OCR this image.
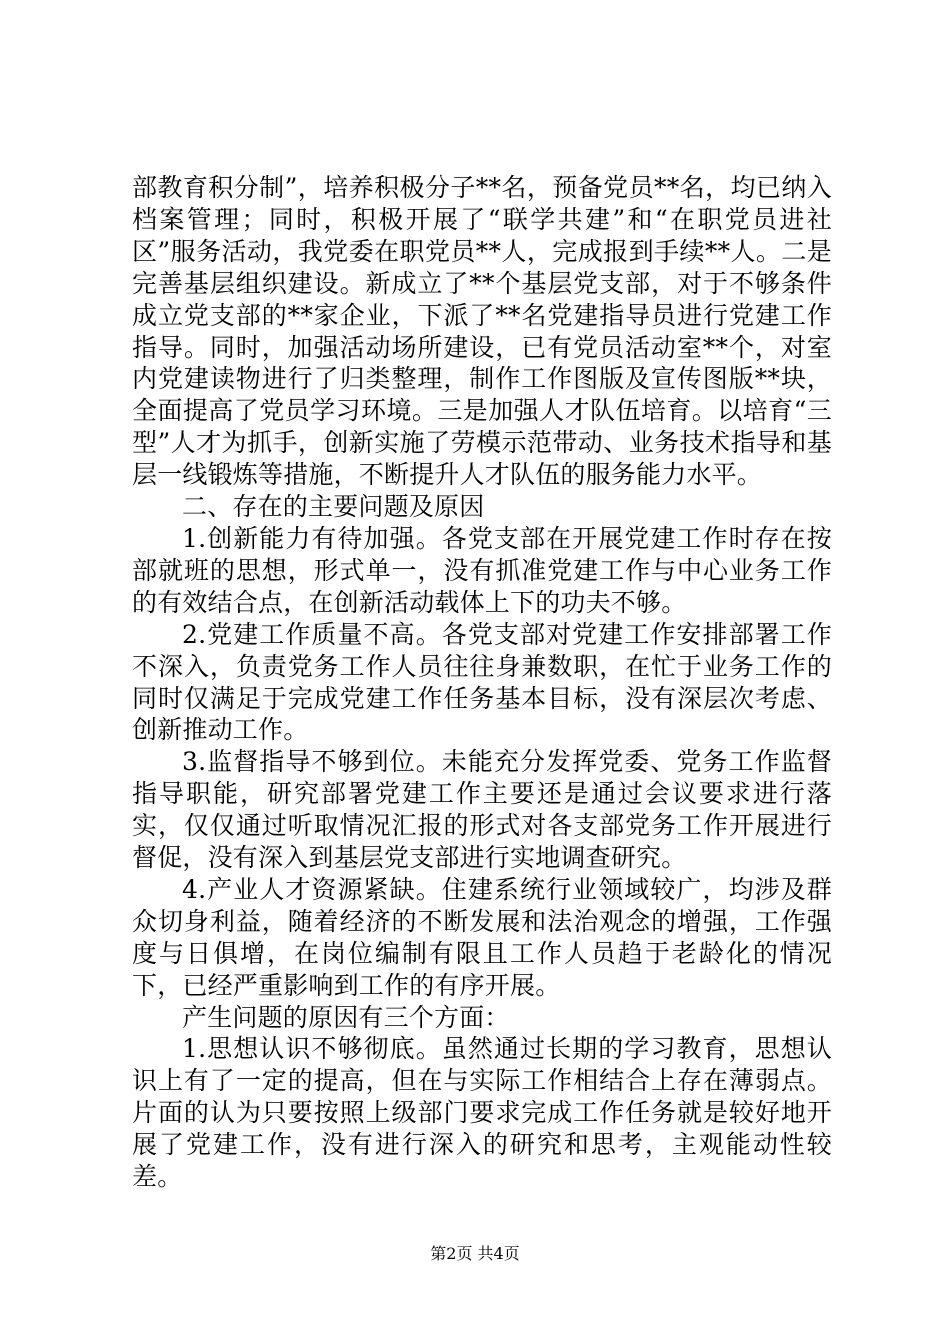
部教育积分制”，培养积极分子**名，预备党员**名，均已纳入档案管理；同时，积极开展了“联学共建”和“在职党员进社区”服务活动，我党委在职党员**人，完成报到手续**人。二是完善基层组织建设。新成立了**个基层党支部，对于不够条件成立党支部的**家企业，下派了**名党建指导员进行党建工作指导。同时，加强活动场所建设，已有党员活动室**个，对室内党建读物进行了归类整理，制作工作图版及宣传图版**块，全面提高了党员学习环境。三是加强人才队伍培育。以培育“三型”人才为抓手，创新实施了劳模示范带动、业务技术指导和基层一线锻炼等措施，不断提升人才队伍的服务能力水平。

二、存在的主要问题及原因

1.创新能力有待加强。各党支部在开展党建工作时存在按部就班的思想，形式单一，没有抓准党建工作与中心业务工作的有效结合点，在创新活动载体上下的功夫不够。

2.党建工作质量不高。各党支部对党建工作安排部署工作不深入，负责党务工作人员往往身兼数职，在忙于业务工作的同时仅满足于完成党建工作任务基本目标，没有深层次考虑、创新推动工作。

3.监督指导不够到位。未能充分发挥党委、党务工作监督指导职能，研究部署党建工作主要还是通过会议要求进行落实，仅仅通过听取情况汇报的形式对各支部党务工作开展进行督促，没有深入到基层党支部进行实地调查研究。

4.产业人才资源紧缺。住建系统行业领域较广，均涉及群众切身利益，随着经济的不断发展和法治观念的增强，工作强度与日俱增，在岗位编制有限且工作人员趋于老龄化的情况下，已经严重影响到工作的有序开展。

产生问题的原因有三个方面：

1.思想认识不够彻底。虽然通过长期的学习教育，思想认识上有了一定的提高，但在与实际工作相结合上存在薄弱点。片面的认为只要按照上级部门要求完成工作任务就是较好地开展了党建工作，没有进行深入的研究和思考，主观能动性较差。

第2页 共4页
